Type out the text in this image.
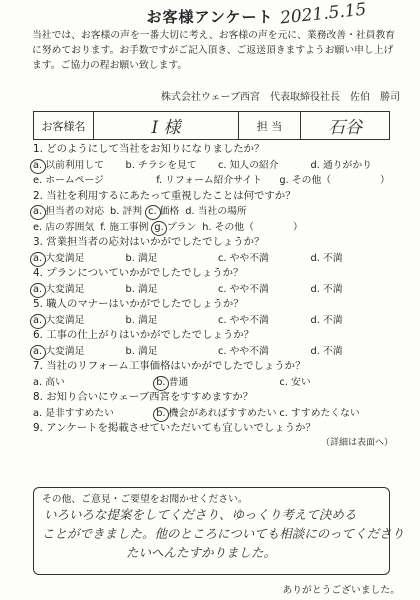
お客様アンケート 2021.5.15
当社では、お客様の声を一番大切に考え、お客様の声を元に、業務改善・社員教育に努めております。お手数ですがご記入頂き、ご返送頂きますようお願い申し上げます。ご協力の程お願い致します。
株式会社ウェーブ西宮　代表取締役社長　佐伯　勝司
お客様名	I 様	担 当	石谷
1. どのようにして当社をお知りになりましたか？
a. 以前利用して	b. チラシを見て	c. 知人の紹介	d. 通りがかり
e. ホームページ	f. リフォーム紹介サイト	g. その他（　　　　　）
2. 当社を利用するにあたって重視したことは何ですか？
a. 担当者の対応 b. 評判 c. 価格 d. 当社の場所
e. 店の雰囲気 f. 施工事例 g. プラン h. その他（　　　　）
3. 営業担当者の応対はいかがでしたでしょうか？
a. 大変満足	b. 満足	c. やや不満	d. 不満
4. プランについていかがでしたでしょうか？
a. 大変満足	b. 満足	c. やや不満	d. 不満
5. 職人のマナーはいかがでしたでしょうか？
a. 大変満足	b. 満足	c. やや不満	d. 不満
6. 工事の仕上がりはいかがでしたでしょうか？
a. 大変満足	b. 満足	c. やや不満	d. 不満
7. 当社のリフォーム工事価格はいかがでしたでしょうか？
a. 高い	b. 普通	c. 安い
8. お知り合いにウェーブ西宮をすすめますか？
a. 是非すすめたい	b. 機会があればすすめたい c. すすめたくない
9. アンケートを掲載させていただいても宜しいでしょうか？
（詳細は表面へ）
その他、ご意見・ご要望をお聞かせください。
いろいろな提案をしてくださり、ゆっくり考えて決める
ことができました。他のところについても相談にのってくださり
たいへんたすかりました。
ありがとうございました。
